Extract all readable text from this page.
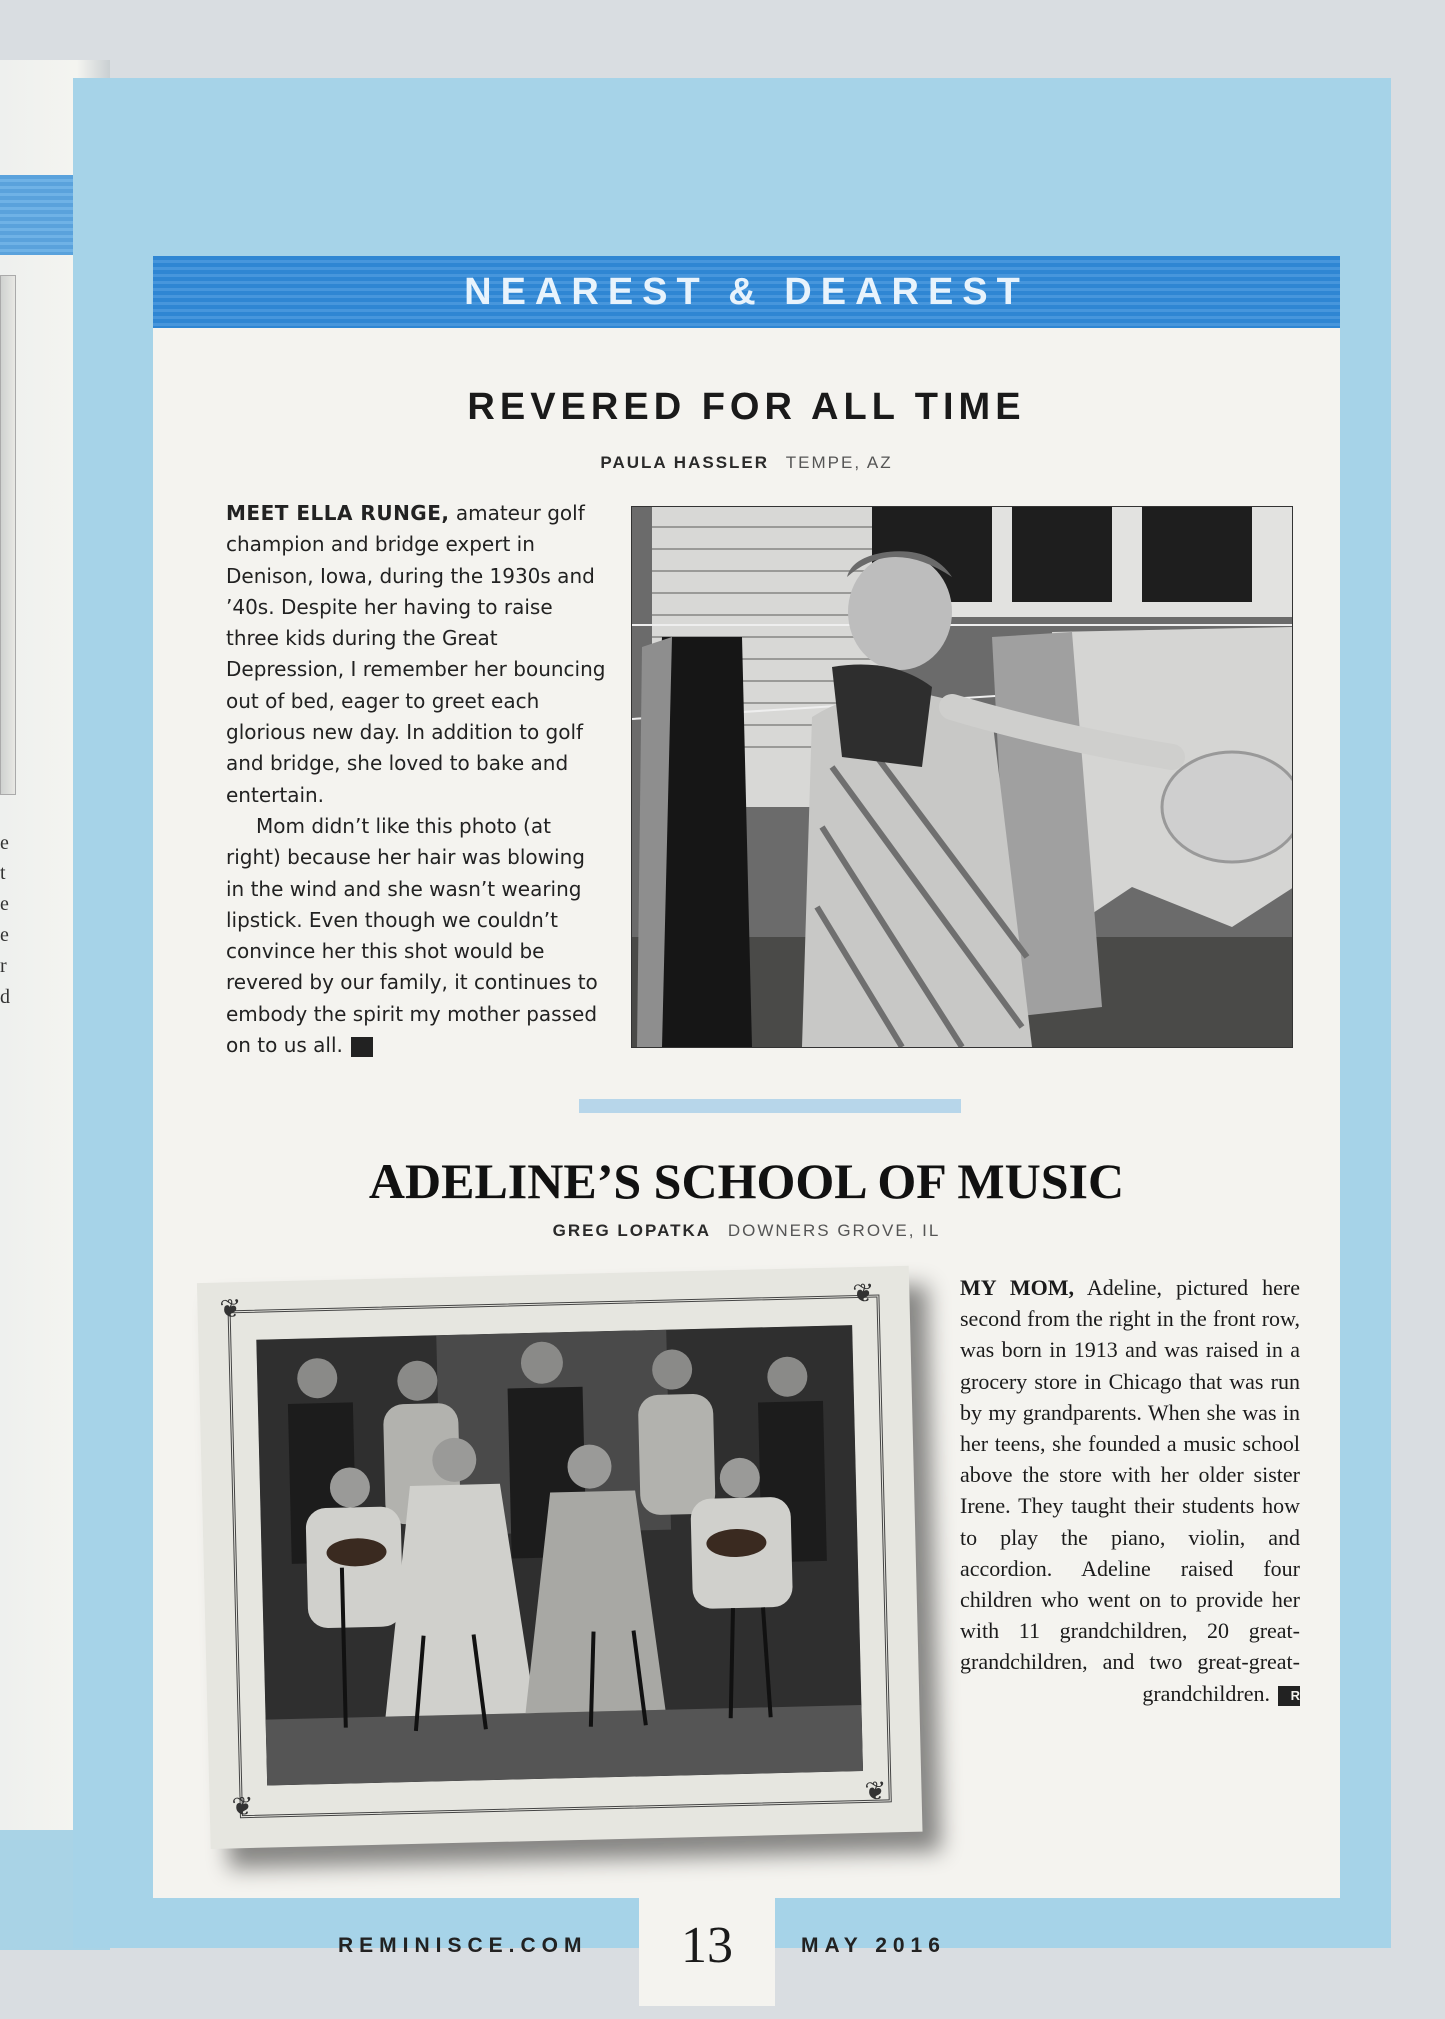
e
t
e
e
r
d
NEAREST & DEAREST
REVERED FOR ALL TIME
PAULA HASSLER TEMPE, AZ

MEET ELLA RUNGE, amateur golf champion and bridge expert in Denison, Iowa, during the 1930s and ’40s. Despite her having to raise three kids during the Great Depression, I remember her bouncing out of bed, eager to greet each glorious new day. In addition to golf and bridge, she loved to bake and entertain.

Mom didn’t like this photo (at right) because her hair was blowing in the wind and she wasn’t wearing lipstick. Even though we couldn’t convince her this shot would be revered by our family, it continues to embody the spirit my mother passed on to us all.	R

ADELINE’S SCHOOL OF MUSIC
GREG LOPATKA DOWNERS GROVE, IL
MY MOM, Adeline, pictured here second from the right in the front row, was born in 1913 and was raised in a grocery store in Chicago that was run by my grandparents. When she was in her teens, she founded a music school above the store with her older sister Irene. They taught their students how to play the piano, violin, and accordion. Adeline raised four children who went on to provide her with 11 grandchildren, 20 great-grandchildren, and two great-great-grandchildren. R
❦
❦
❦
❦
REMINISCE.COM	13	MAY 2016
